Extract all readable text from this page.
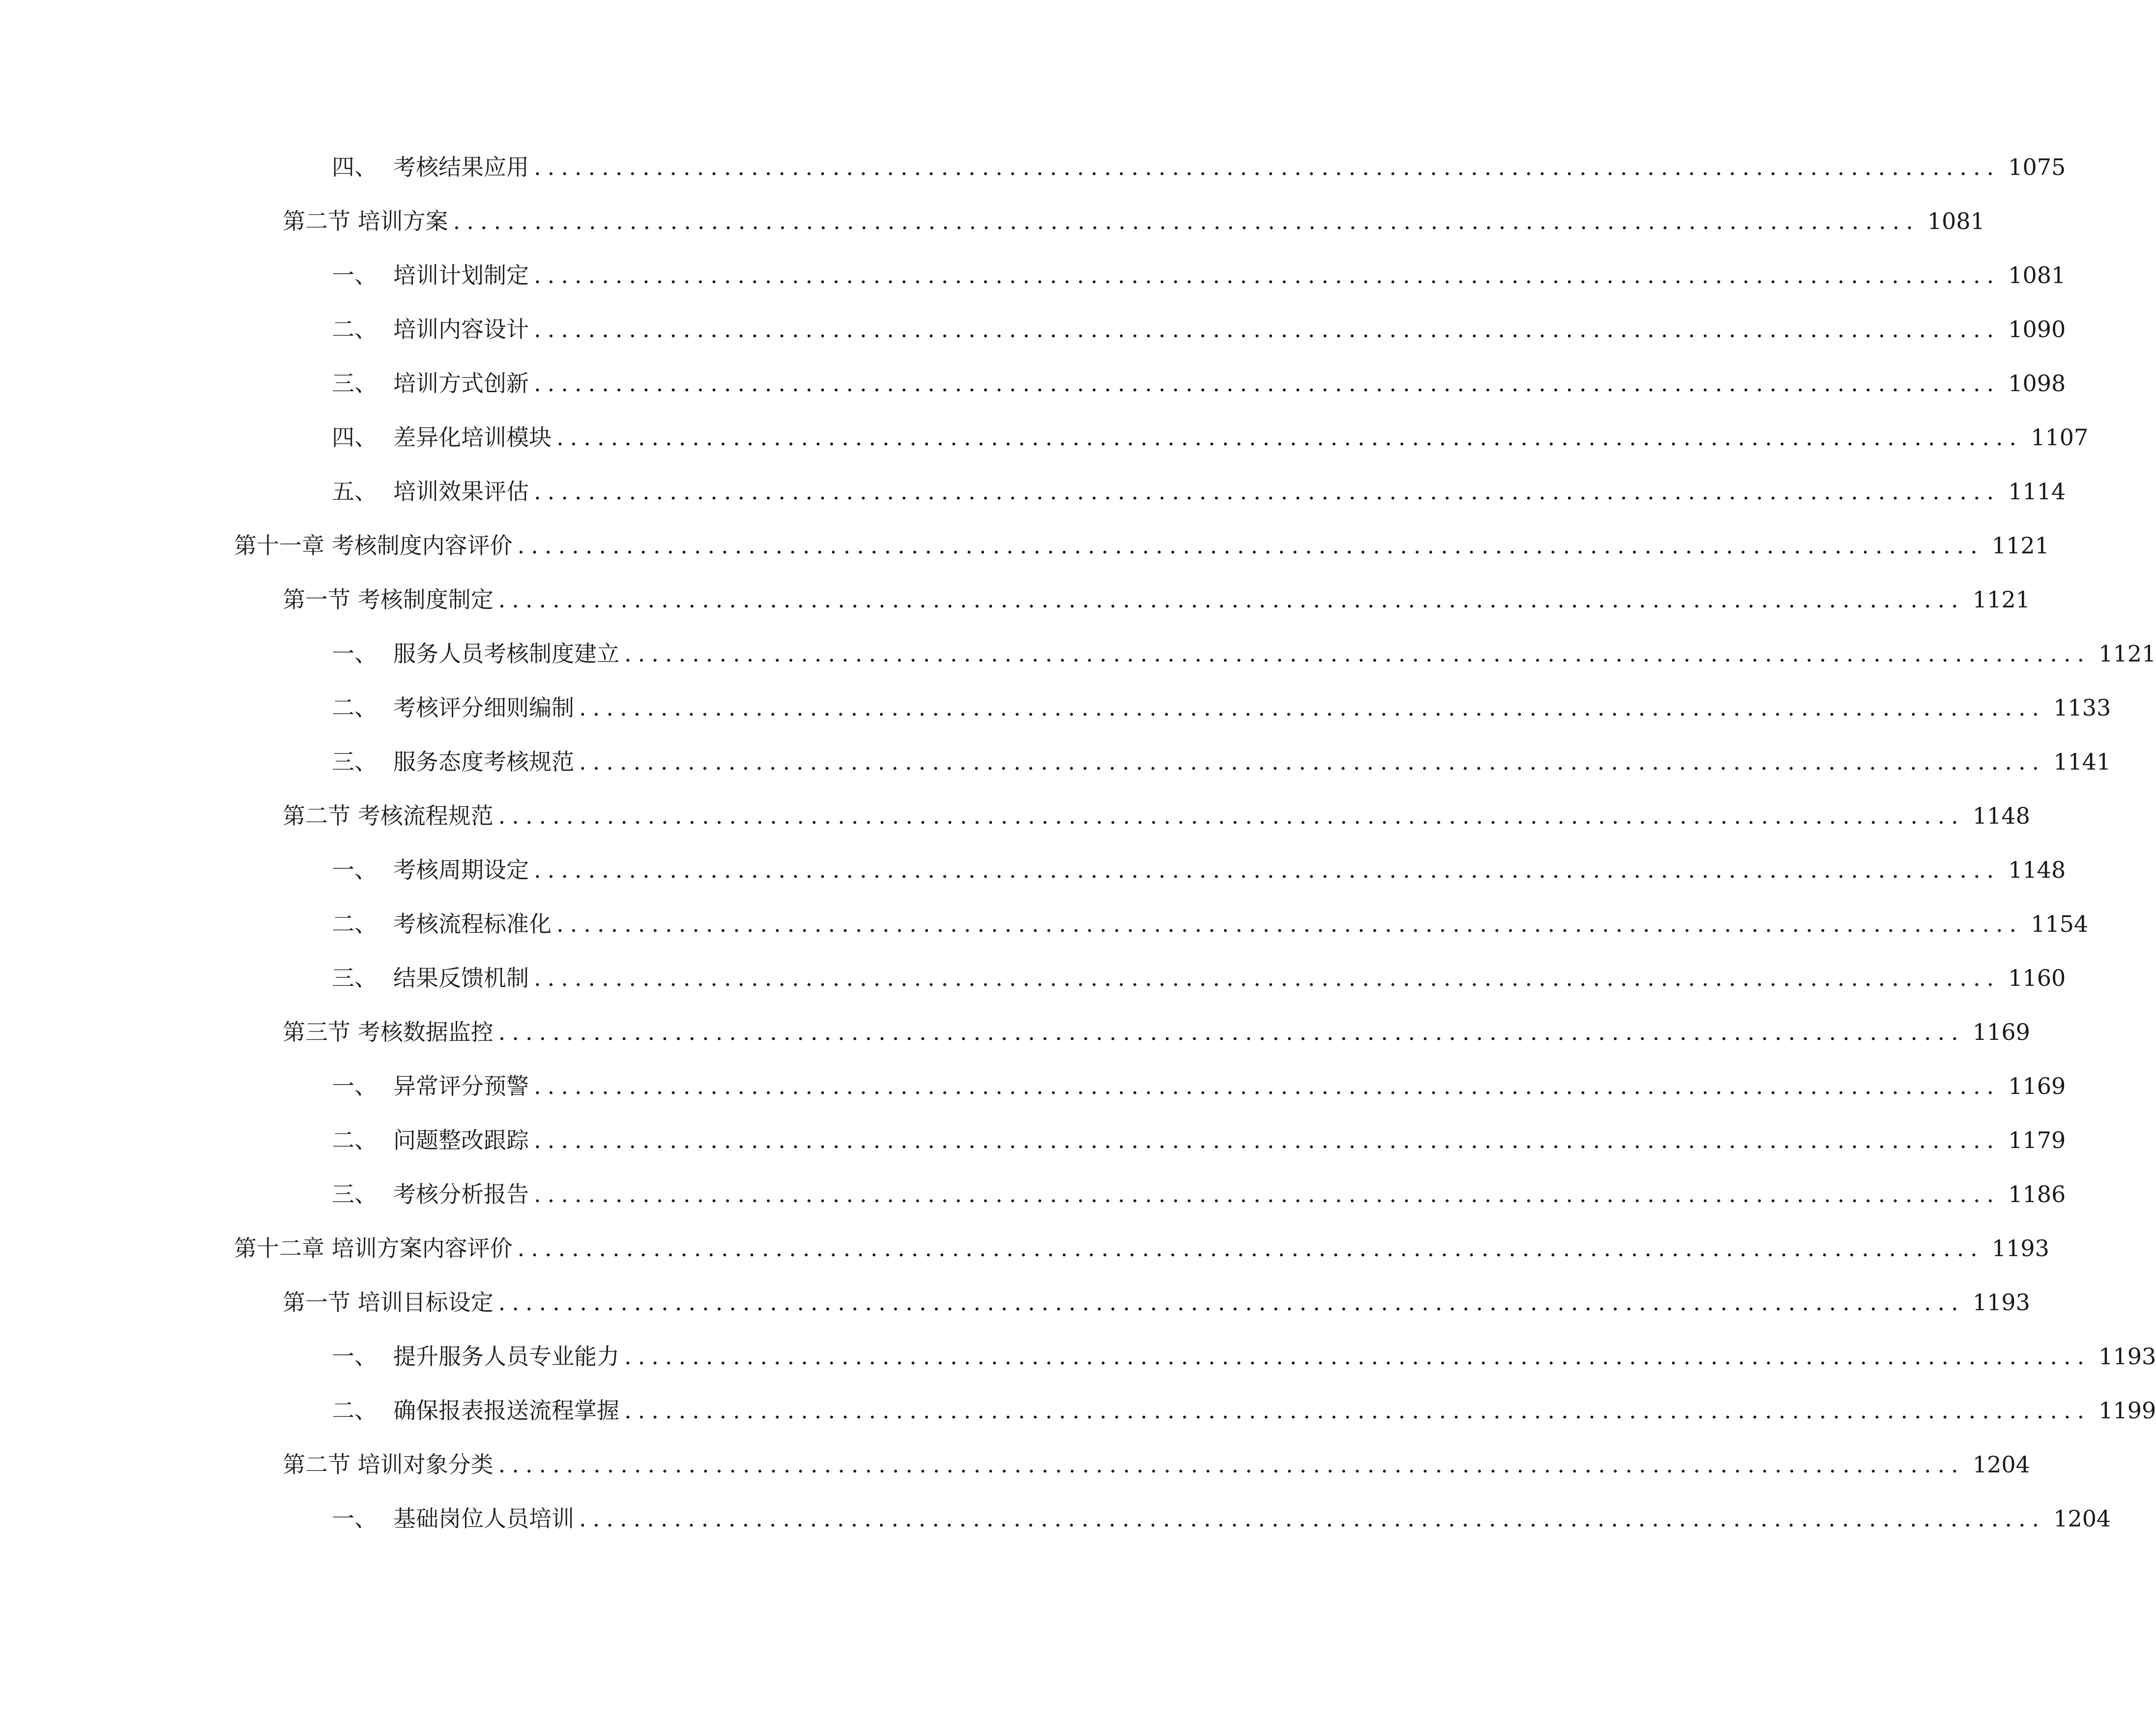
四、 考核结果应用 ............................................................................................................ 1075
第二节 培训方案 ............................................................................................................ 1081
一、 培训计划制定 ............................................................................................................ 1081
二、 培训内容设计 ............................................................................................................ 1090
三、 培训方式创新 ............................................................................................................ 1098
四、 差异化培训模块 ............................................................................................................ 1107
五、 培训效果评估 ............................................................................................................ 1114
第十一章 考核制度内容评价 ............................................................................................................ 1121
第一节 考核制度制定 ............................................................................................................ 1121
一、 服务人员考核制度建立 ............................................................................................................ 1121
二、 考核评分细则编制 ............................................................................................................ 1133
三、 服务态度考核规范 ............................................................................................................ 1141
第二节 考核流程规范 ............................................................................................................ 1148
一、 考核周期设定 ............................................................................................................ 1148
二、 考核流程标准化 ............................................................................................................ 1154
三、 结果反馈机制 ............................................................................................................ 1160
第三节 考核数据监控 ............................................................................................................ 1169
一、 异常评分预警 ............................................................................................................ 1169
二、 问题整改跟踪 ............................................................................................................ 1179
三、 考核分析报告 ............................................................................................................ 1186
第十二章 培训方案内容评价 ............................................................................................................ 1193
第一节 培训目标设定 ............................................................................................................ 1193
一、 提升服务人员专业能力 ............................................................................................................ 1193
二、 确保报表报送流程掌握 ............................................................................................................ 1199
第二节 培训对象分类 ............................................................................................................ 1204
一、 基础岗位人员培训 ............................................................................................................ 1204
